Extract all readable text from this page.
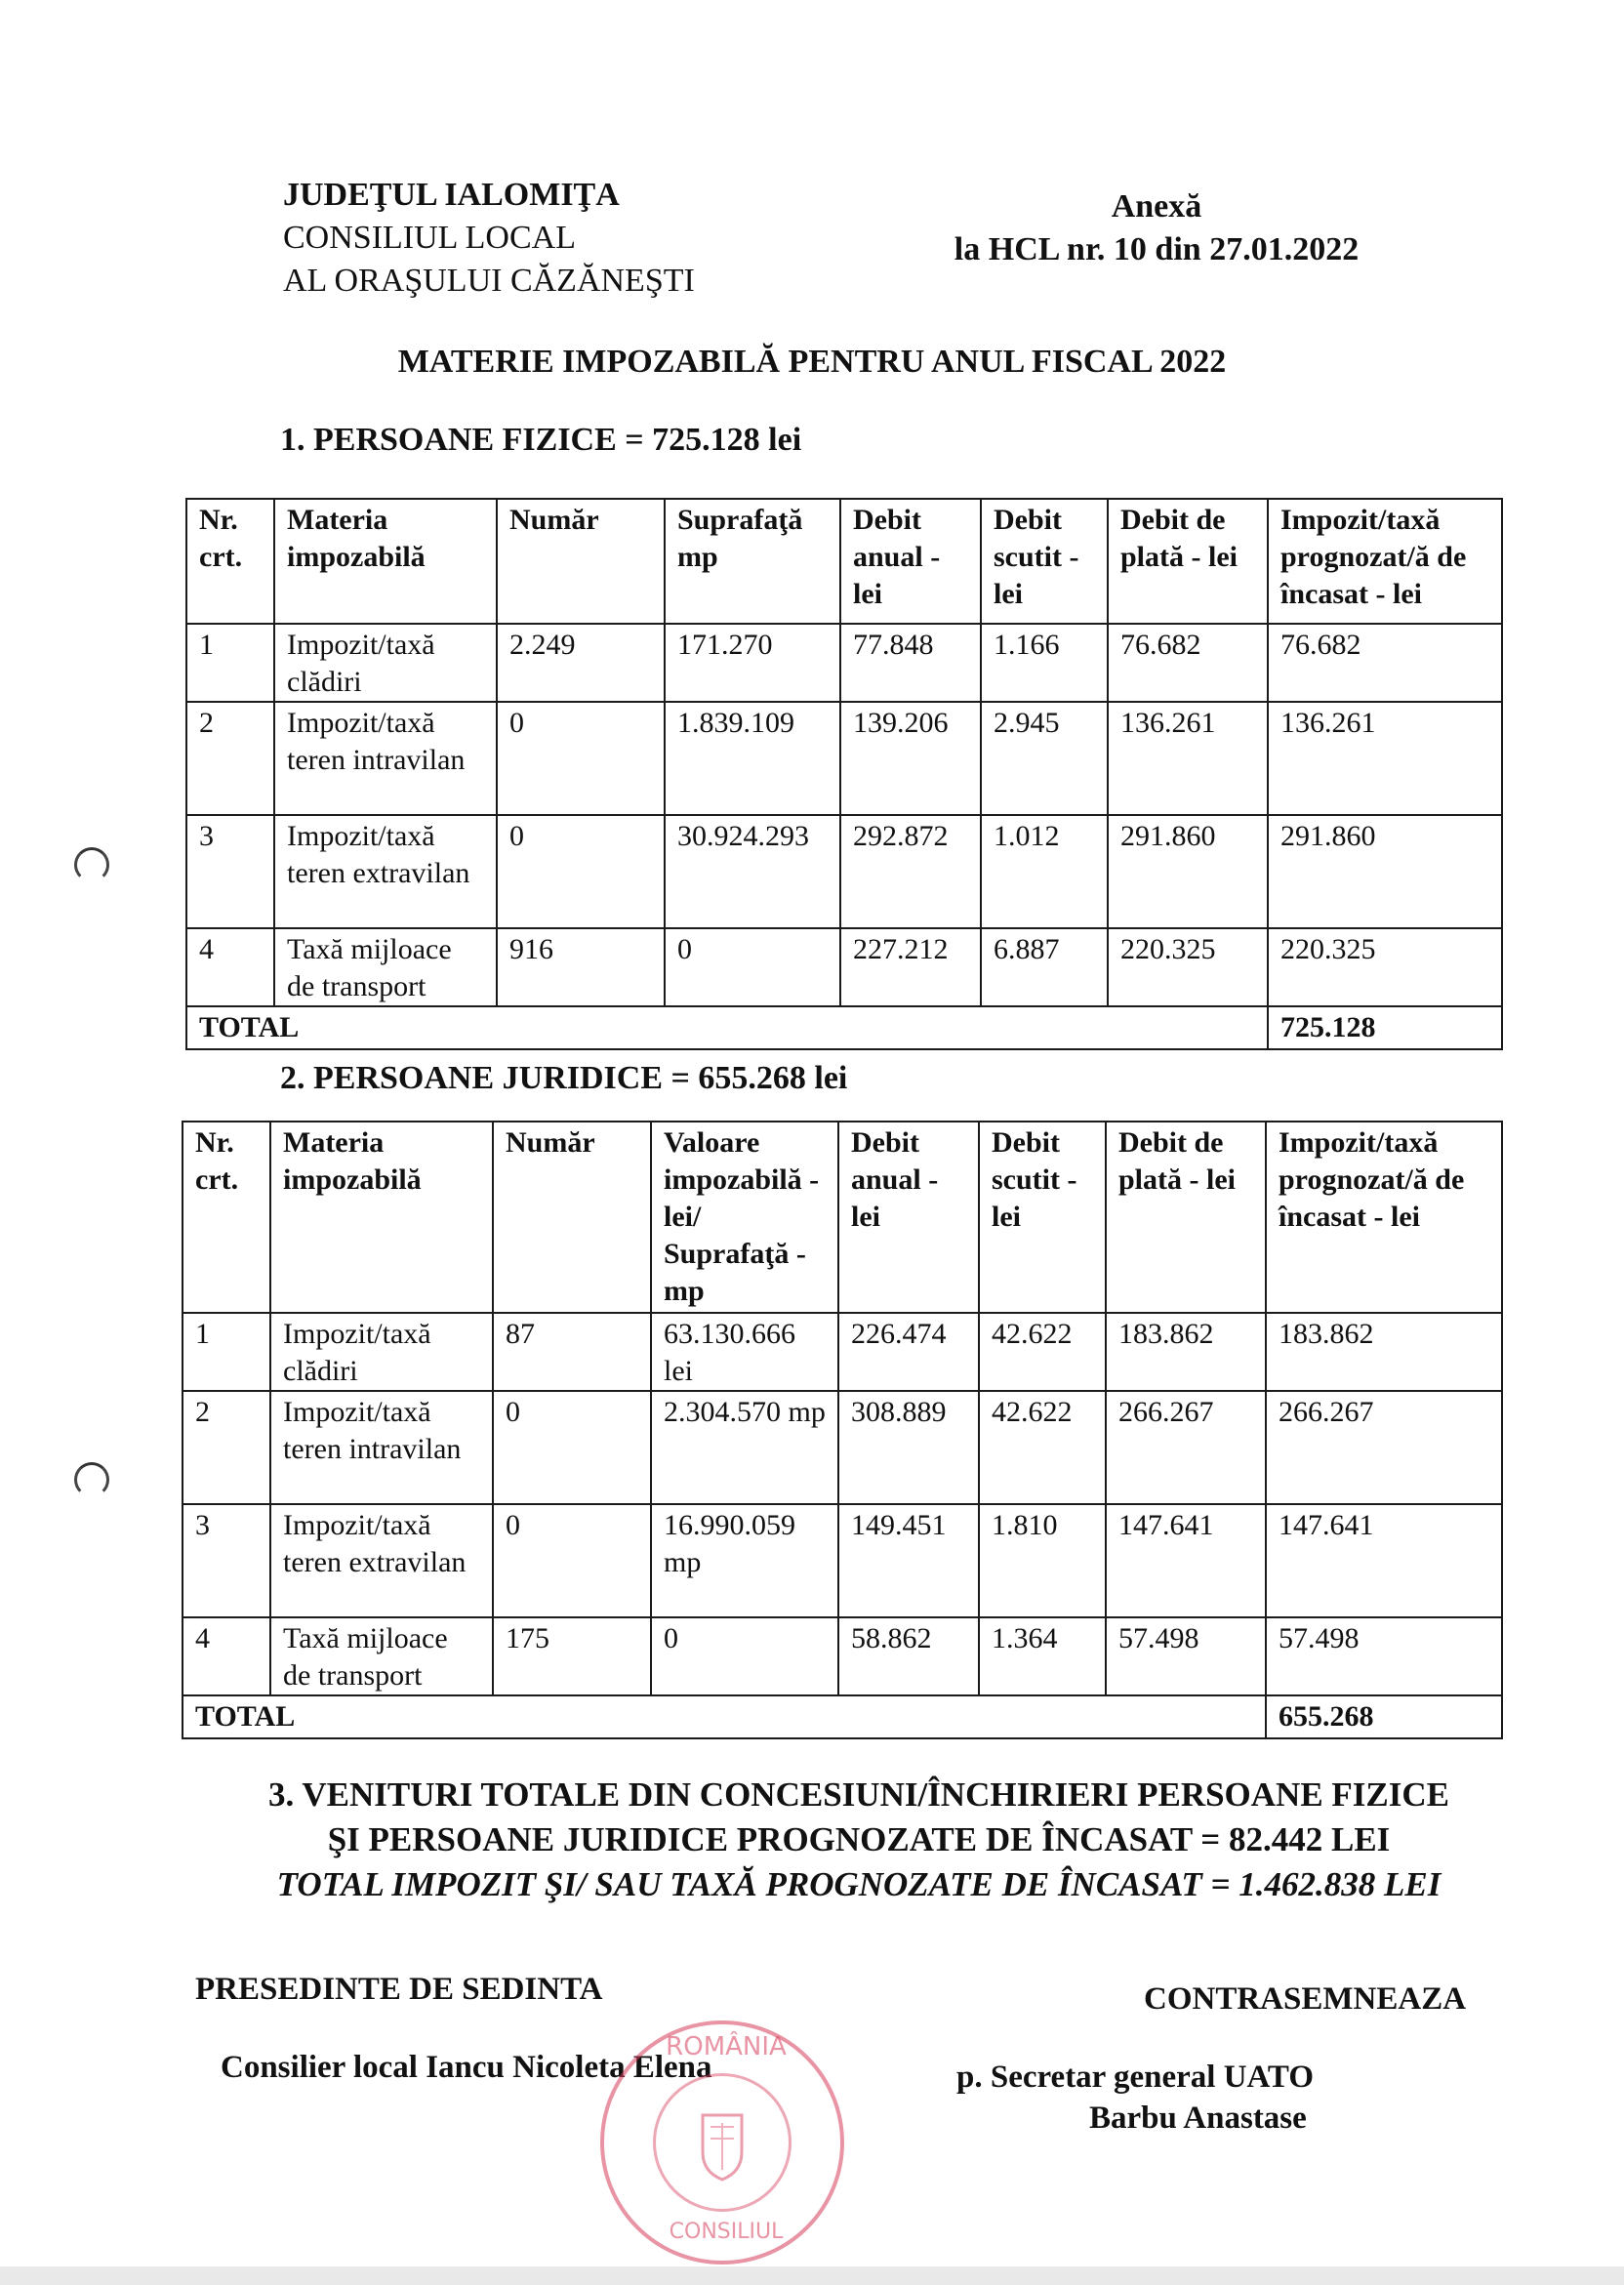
JUDEŢUL IALOMIŢA
CONSILIUL LOCAL
AL ORAŞULUI CĂZĂNEŞTI
Anexă
la HCL nr. 10 din 27.01.2022
MATERIE IMPOZABILĂ PENTRU ANUL FISCAL 2022
1. PERSOANE FIZICE = 725.128 lei
Nr. crt.	Materia impozabilă	Număr	Suprafaţă mp	Debit anual - lei	Debit scutit - lei	Debit de plată - lei	Impozit/taxă prognozat/ă de încasat - lei
1	Impozit/taxă clădiri	2.249	171.270	77.848	1.166	76.682	76.682
2	Impozit/taxă teren intravilan	0	1.839.109	139.206	2.945	136.261	136.261
3	Impozit/taxă teren extravilan	0	30.924.293	292.872	1.012	291.860	291.860
4	Taxă mijloace de transport	916	0	227.212	6.887	220.325	220.325
TOTAL							725.128
2. PERSOANE JURIDICE = 655.268 lei
Nr. crt.	Materia impozabilă	Număr	Valoare impozabilă - lei/ Suprafaţă - mp	Debit anual - lei	Debit scutit - lei	Debit de plată - lei	Impozit/taxă prognozat/ă de încasat - lei
1	Impozit/taxă clădiri	87	63.130.666 lei	226.474	42.622	183.862	183.862
2	Impozit/taxă teren intravilan	0	2.304.570 mp	308.889	42.622	266.267	266.267
3	Impozit/taxă teren extravilan	0	16.990.059 mp	149.451	1.810	147.641	147.641
4	Taxă mijloace de transport	175	0	58.862	1.364	57.498	57.498
TOTAL							655.268
3. VENITURI TOTALE DIN CONCESIUNI/ÎNCHIRIERI PERSOANE FIZICE
ŞI PERSOANE JURIDICE PROGNOZATE DE ÎNCASAT = 82.442 LEI
TOTAL IMPOZIT ŞI/ SAU TAXĂ PROGNOZATE DE ÎNCASAT = 1.462.838 LEI
PRESEDINTE DE SEDINTA
Consilier local Iancu Nicoleta Elena
CONTRASEMNEAZA
p. Secretar general UATO
Barbu Anastase
ROMÂNIA
CONSILIUL
